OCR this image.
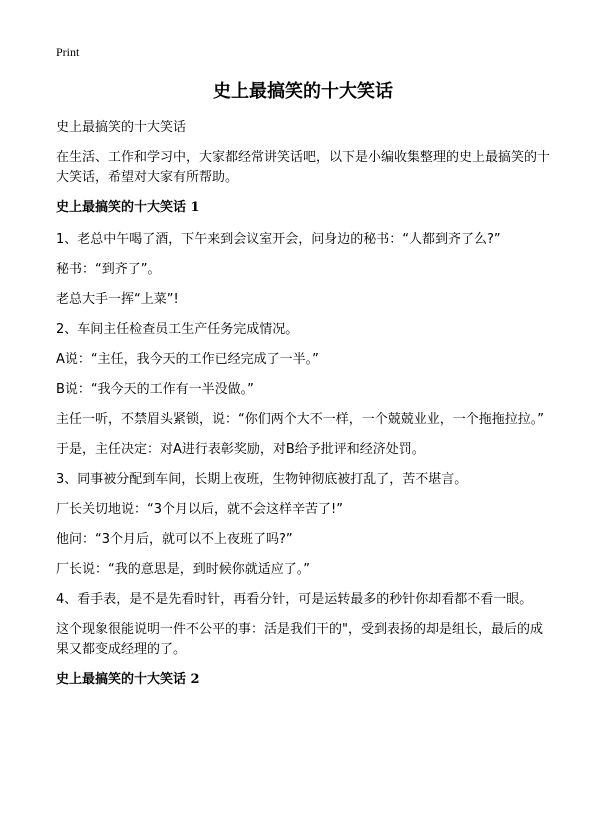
Print
史上最搞笑的十大笑话

史上最搞笑的十大笑话

在生活、工作和学习中，大家都经常讲笑话吧，以下是小编收集整理的史上最搞笑的十大笑话，希望对大家有所帮助。

史上最搞笑的十大笑话 1

1、老总中午喝了酒，下午来到会议室开会，问身边的秘书：“人都到齐了么?”

秘书：“到齐了”。

老总大手一挥“上菜”!

2、车间主任检查员工生产任务完成情况。

A说：“主任，我今天的工作已经完成了一半。”

B说：“我今天的工作有一半没做。”

主任一听，不禁眉头紧锁，说：“你们两个大不一样，一个兢兢业业，一个拖拖拉拉。”

于是，主任决定：对A进行表彰奖励，对B给予批评和经济处罚。

3、同事被分配到车间，长期上夜班，生物钟彻底被打乱了，苦不堪言。

厂长关切地说：“3个月以后，就不会这样辛苦了!”

他问：“3个月后，就可以不上夜班了吗?”

厂长说：“我的意思是，到时候你就适应了。”

4、看手表，是不是先看时针，再看分针，可是运转最多的秒针你却看都不看一眼。

这个现象很能说明一件不公平的事：活是我们干的"，受到表扬的却是组长，最后的成果又都变成经理的了。

史上最搞笑的十大笑话 2
